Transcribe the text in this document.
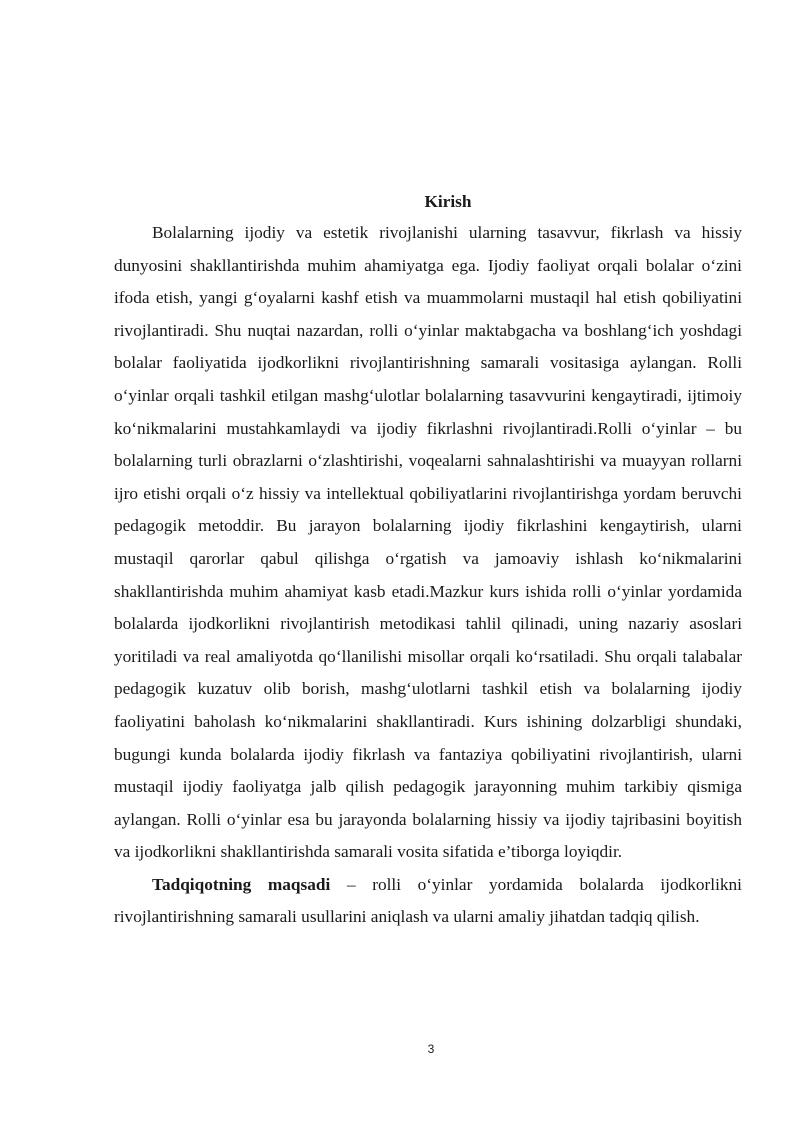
Kirish

Bolalarning ijodiy va estetik rivojlanishi ularning tasavvur, fikrlash va hissiy dunyosini shakllantirishda muhim ahamiyatga ega. Ijodiy faoliyat orqali bolalar o‘zini ifoda etish, yangi g‘oyalarni kashf etish va muammolarni mustaqil hal etish qobiliyatini rivojlantiradi. Shu nuqtai nazardan, rolli o‘yinlar maktabgacha va boshlang‘ich yoshdagi bolalar faoliyatida ijodkorlikni rivojlantirishning samarali vositasiga aylangan. Rolli o‘yinlar orqali tashkil etilgan mashg‘ulotlar bolalarning tasavvurini kengaytiradi, ijtimoiy ko‘nikmalarini mustahkamlaydi va ijodiy fikrlashni rivojlantiradi.Rolli o‘yinlar – bu bolalarning turli obrazlarni o‘zlashtirishi, voqealarni sahnalashtirishi va muayyan rollarni ijro etishi orqali o‘z hissiy va intellektual qobiliyatlarini rivojlantirishga yordam beruvchi pedagogik metoddir. Bu jarayon bolalarning ijodiy fikrlashini kengaytirish, ularni mustaqil qarorlar qabul qilishga o‘rgatish va jamoaviy ishlash ko‘nikmalarini shakllantirishda muhim ahamiyat kasb etadi.Mazkur kurs ishida rolli o‘yinlar yordamida bolalarda ijodkorlikni rivojlantirish metodikasi tahlil qilinadi, uning nazariy asoslari yoritiladi va real amaliyotda qo‘llanilishi misollar orqali ko‘rsatiladi. Shu orqali talabalar pedagogik kuzatuv olib borish, mashg‘ulotlarni tashkil etish va bolalarning ijodiy faoliyatini baholash ko‘nikmalarini shakllantiradi. Kurs ishining dolzarbligi shundaki, bugungi kunda bolalarda ijodiy fikrlash va fantaziya qobiliyatini rivojlantirish, ularni mustaqil ijodiy faoliyatga jalb qilish pedagogik jarayonning muhim tarkibiy qismiga aylangan. Rolli o‘yinlar esa bu jarayonda bolalarning hissiy va ijodiy tajribasini boyitish va ijodkorlikni shakllantirishda samarali vosita sifatida e’tiborga loyiqdir.

Tadqiqotning maqsadi – rolli o‘yinlar yordamida bolalarda ijodkorlikni rivojlantirishning samarali usullarini aniqlash va ularni amaliy jihatdan tadqiq qilish.

3
